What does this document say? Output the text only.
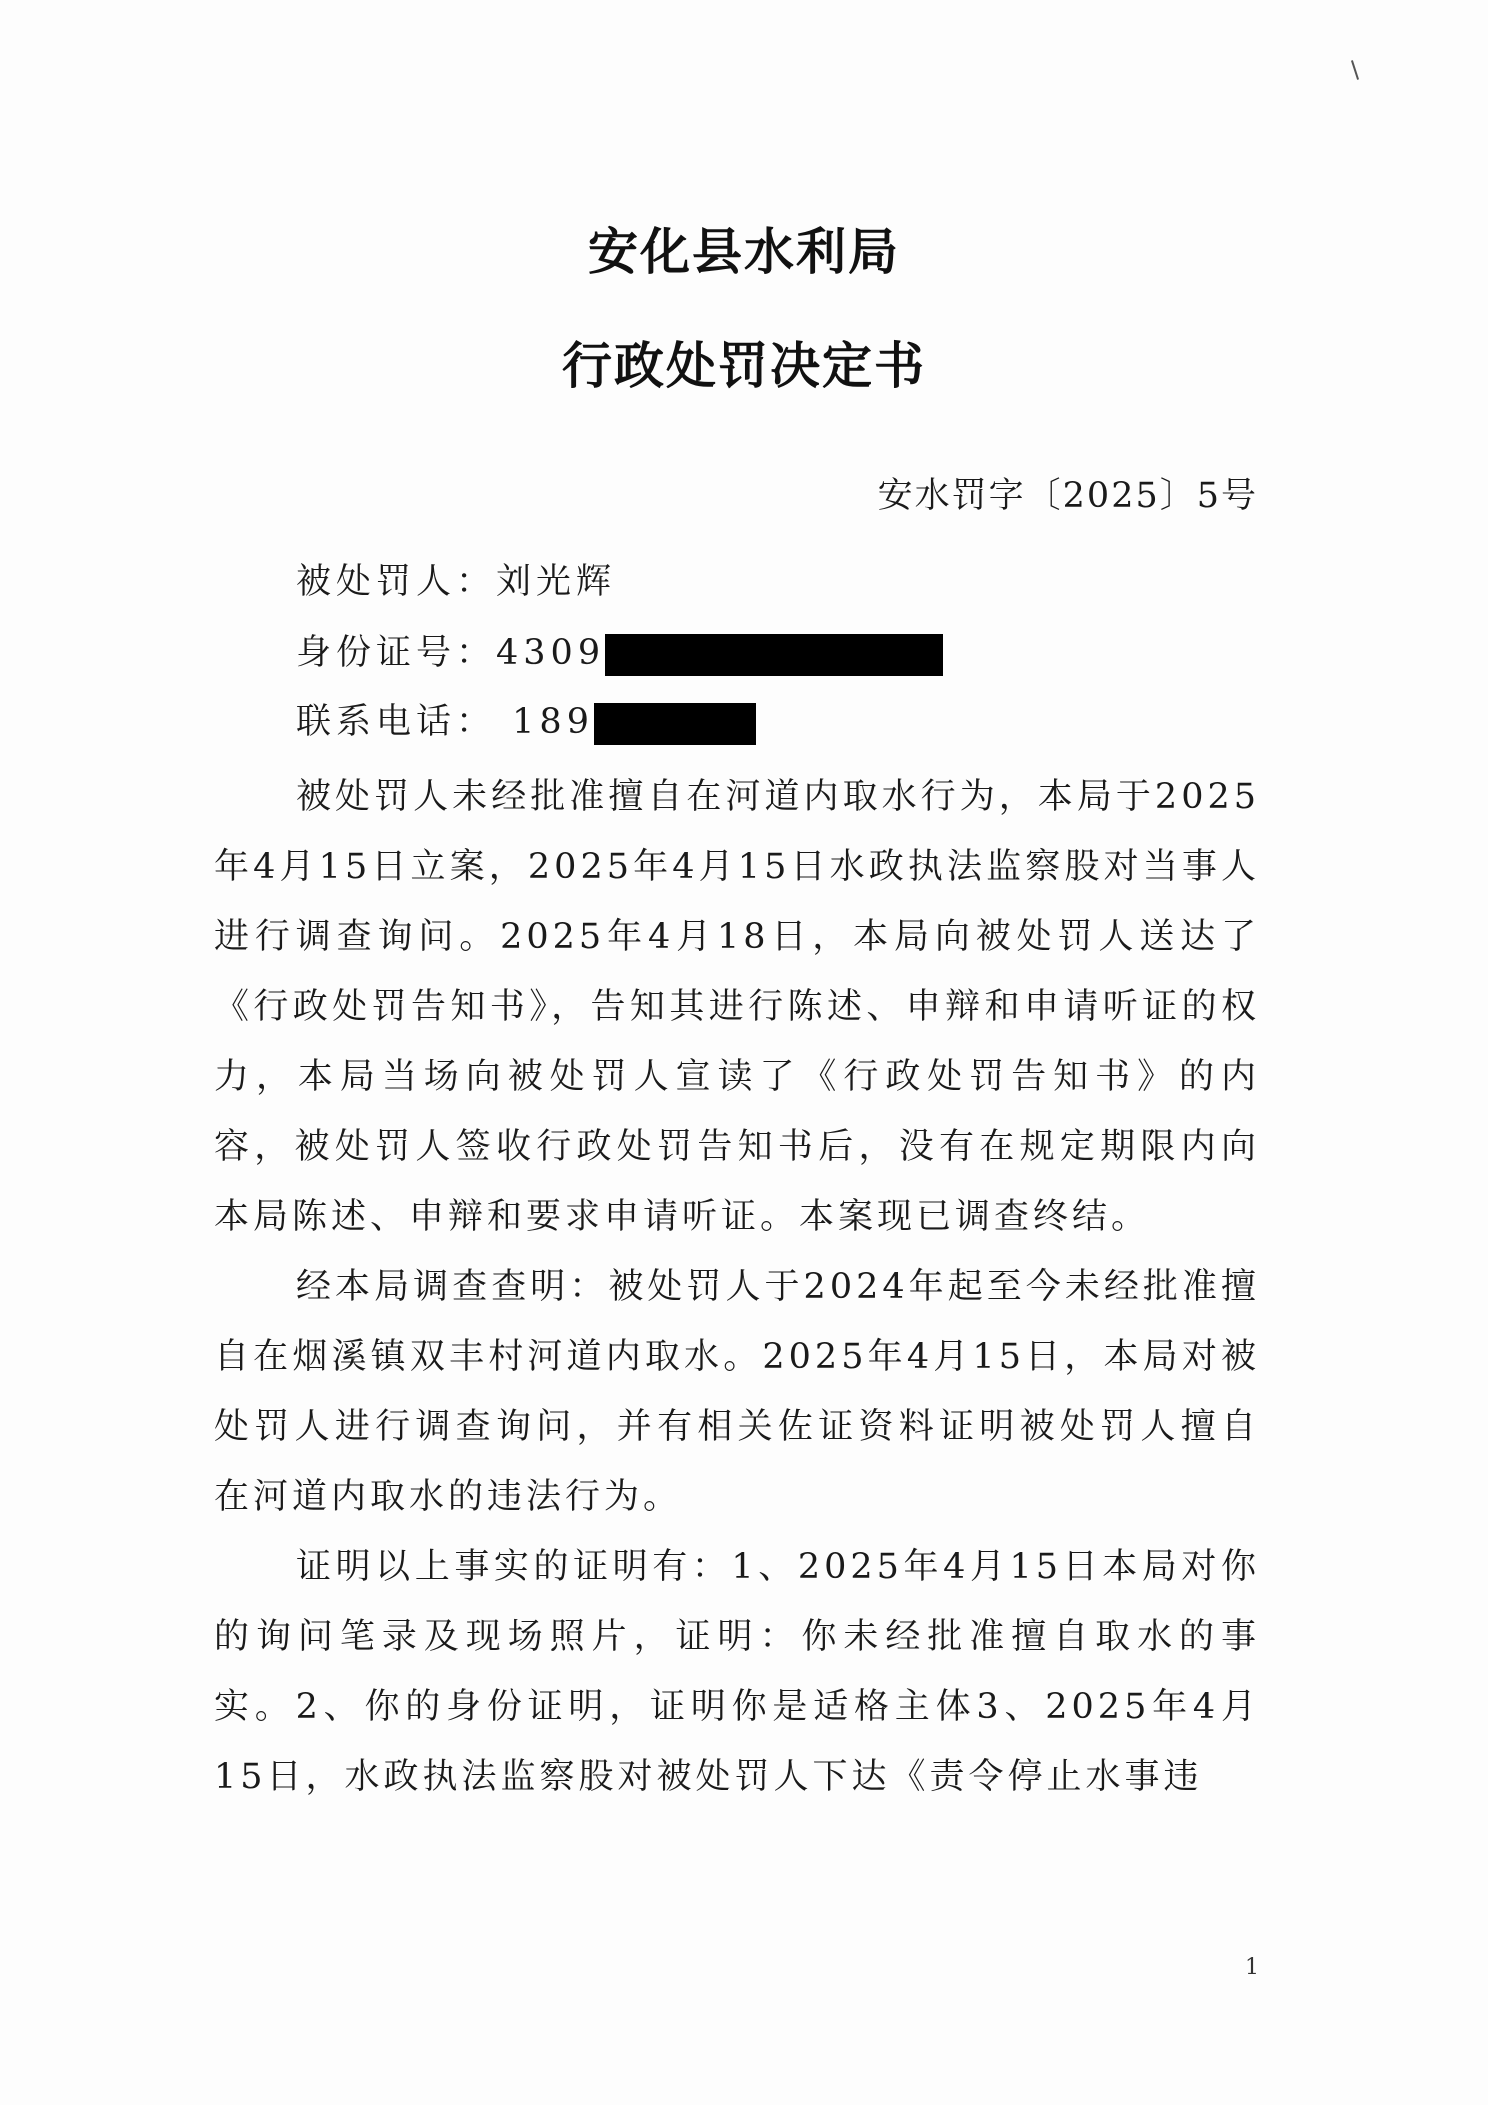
安化县水利局
行政处罚决定书
安水罚字〔2025〕5号
被处罚人：刘光辉
身份证号：4309
联系电话： 189

被处罚人未经批准擅自在河道内取水行为，本局于2025年4月15日立案，2025年4月15日水政执法监察股对当事人进行调查询问。2025年4月18日，本局向被处罚人送达了《行政处罚告知书》，告知其进行陈述、申辩和申请听证的权力，本局当场向被处罚人宣读了《行政处罚告知书》的内容，被处罚人签收行政处罚告知书后，没有在规定期限内向本局陈述、申辩和要求申请听证。本案现已调查终结。

经本局调查查明：被处罚人于2024年起至今未经批准擅自在烟溪镇双丰村河道内取水。2025年4月15日，本局对被处罚人进行调查询问，并有相关佐证资料证明被处罚人擅自在河道内取水的违法行为。

证明以上事实的证明有：1、2025年4月15日本局对你的询问笔录及现场照片，证明：你未经批准擅自取水的事实。2、你的身份证明，证明你是适格主体3、2025年4月15日，水政执法监察股对被处罚人下达《责令停止水事违

1
